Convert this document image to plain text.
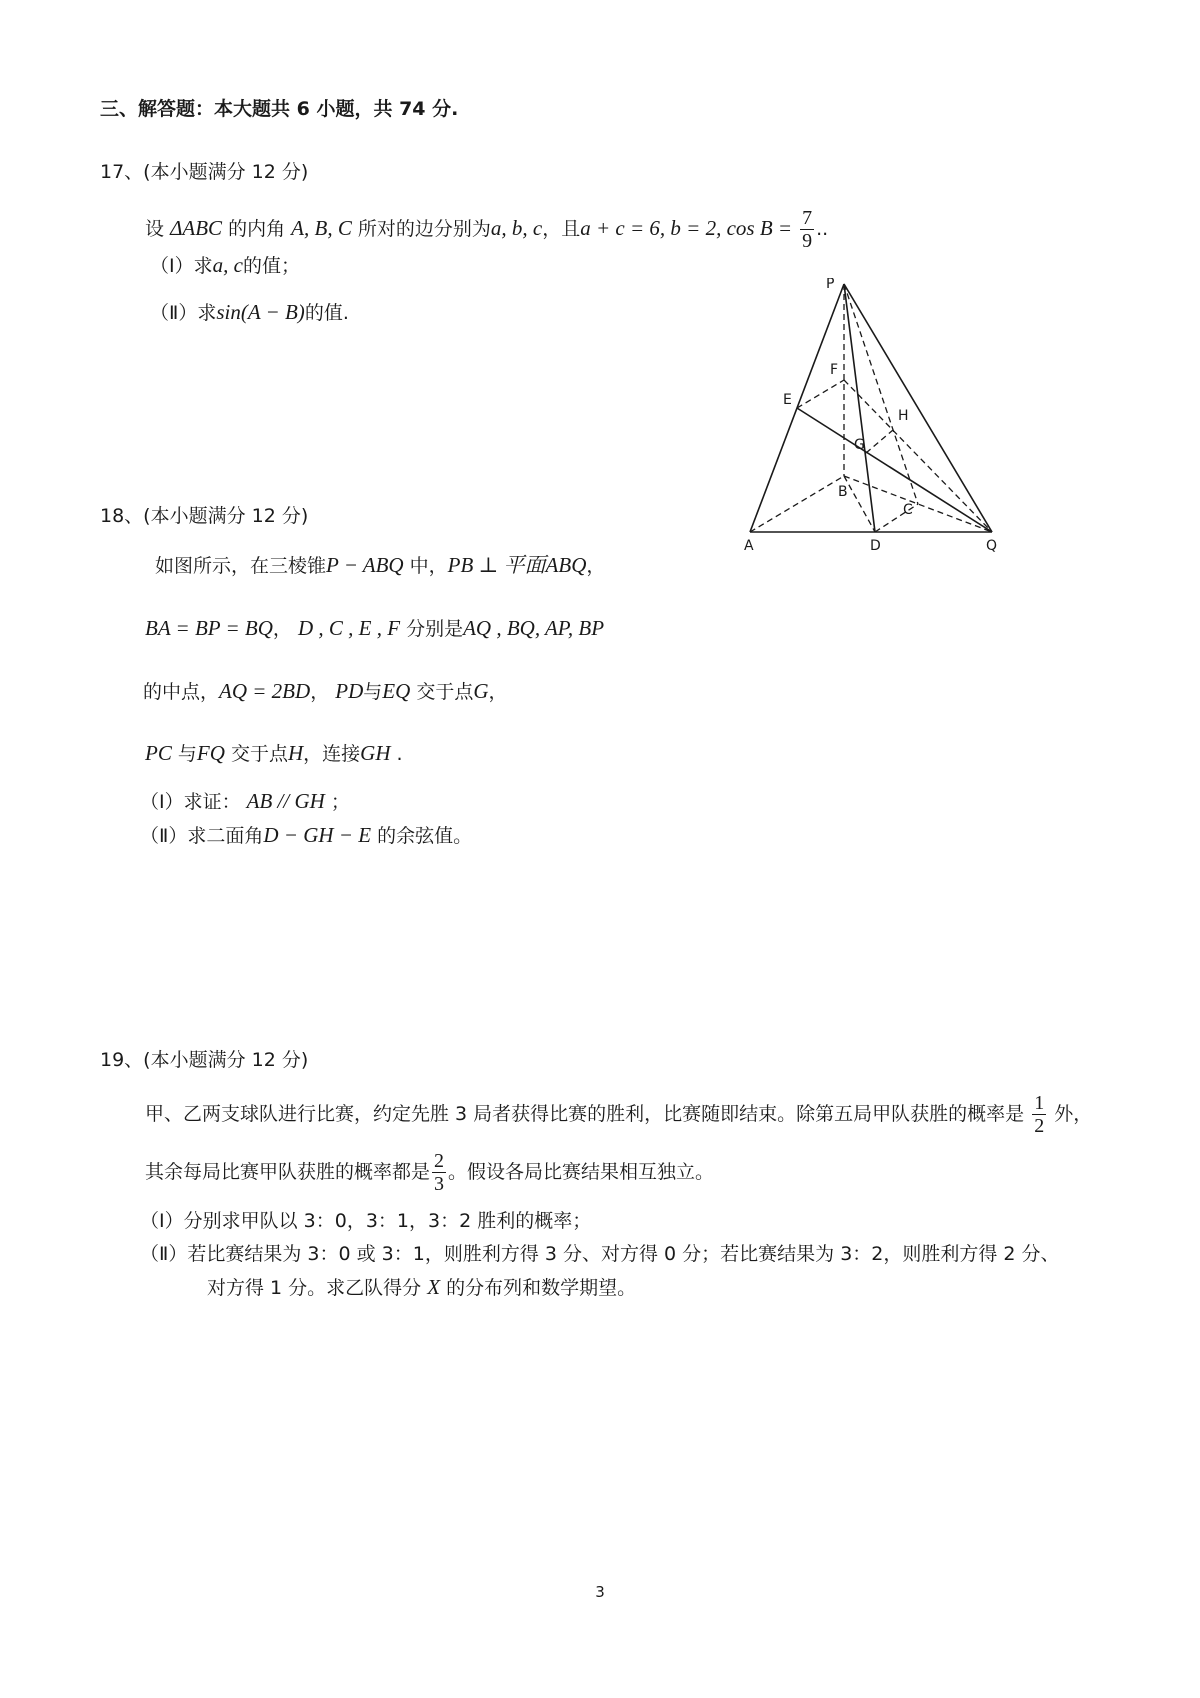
三、解答题：本大题共 6 小题，共 74 分.
17、(本小题满分 12 分)
设 ΔABC 的内角 A, B, C 所对的边分别为a, b, c，且a + c = 6, b = 2, $\cos B = \frac{7}{9}$ ..
（Ⅰ）求a, c的值；
（Ⅱ）求sin(A − B)的值.
P
E
F
H
G
B
C
A	D	Q
18、(本小题满分 12 分)
如图所示，在三棱锥P − ABQ 中，PB ⊥ 平面ABQ，
BA = BP = BQ， D , C , E , F 分别是AQ , BQ, AP, BP
的中点，AQ = 2BD， PD与EQ 交于点G，
PC 与FQ 交于点H，连接GH .
（Ⅰ）求证： AB // GH ；
（Ⅱ）求二面角D − GH − E 的余弦值。
19、(本小题满分 12 分)
甲、乙两支球队进行比赛，约定先胜 3 局者获得比赛的胜利，比赛随即结束。除第五局甲队获胜的概率是 $\frac{1}{2}$ 外，
其余每局比赛甲队获胜的概率都是 $\frac{2}{3}$ 。假设各局比赛结果相互独立。
（Ⅰ）分别求甲队以 3：0，3：1，3：2 胜利的概率；
（Ⅱ）若比赛结果为 3：0 或 3：1，则胜利方得 3 分、对方得 0 分；若比赛结果为 3：2，则胜利方得 2 分、
对方得 1 分。求乙队得分 X 的分布列和数学期望。
3
